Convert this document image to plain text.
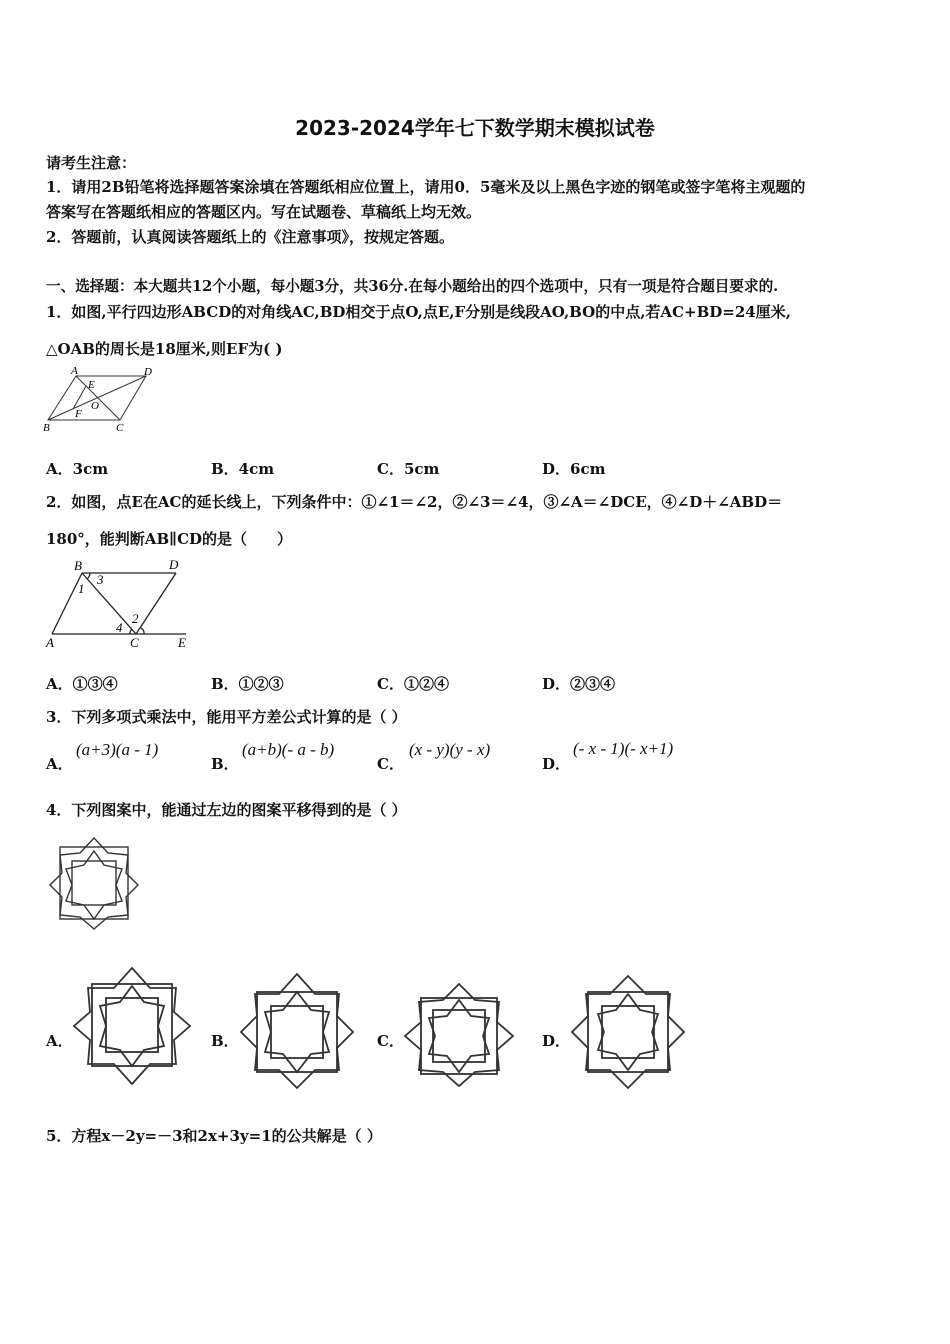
2023-2024学年七下数学期末模拟试卷
请考生注意：
1．请用2B铅笔将选择题答案涂填在答题纸相应位置上，请用0．5毫米及以上黑色字迹的钢笔或签字笔将主观题的
答案写在答题纸相应的答题区内。写在试题卷、草稿纸上均无效。
2．答题前，认真阅读答题纸上的《注意事项》，按规定答题。
一、选择题：本大题共12个小题，每小题3分，共36分.在每小题给出的四个选项中，只有一项是符合题目要求的.
1．如图,平行四边形ABCD的对角线AC,BD相交于点O,点E,F分别是线段AO,BO的中点,若AC+BD=24厘米,
△OAB的周长是18厘米,则EF为( )
A	D
E
O
F
B	C
A．3cm	B．4cm	C．5cm	D．6cm
2．如图，点E在AC的延长线上，下列条件中：①∠1＝∠2，②∠3＝∠4，③∠A＝∠DCE，④∠D＋∠ABD＝
180°，能判断AB∥CD的是（　　）
B	D
3
1
2
4
A	C	E
A．①③④	B．①②③	C．①②④	D．②③④
3．下列多项式乘法中，能用平方差公式计算的是（ ）
A．
(a+3)(a - 1)
B．
(a+b)(- a - b)
C．
(x - y)(y - x)
D．
(- x - 1)(- x+1)
4．下列图案中，能通过左边的图案平移得到的是（ ）
A．	B．	C．	D．
5．方程x－2y=－3和2x+3y=1的公共解是（ ）
